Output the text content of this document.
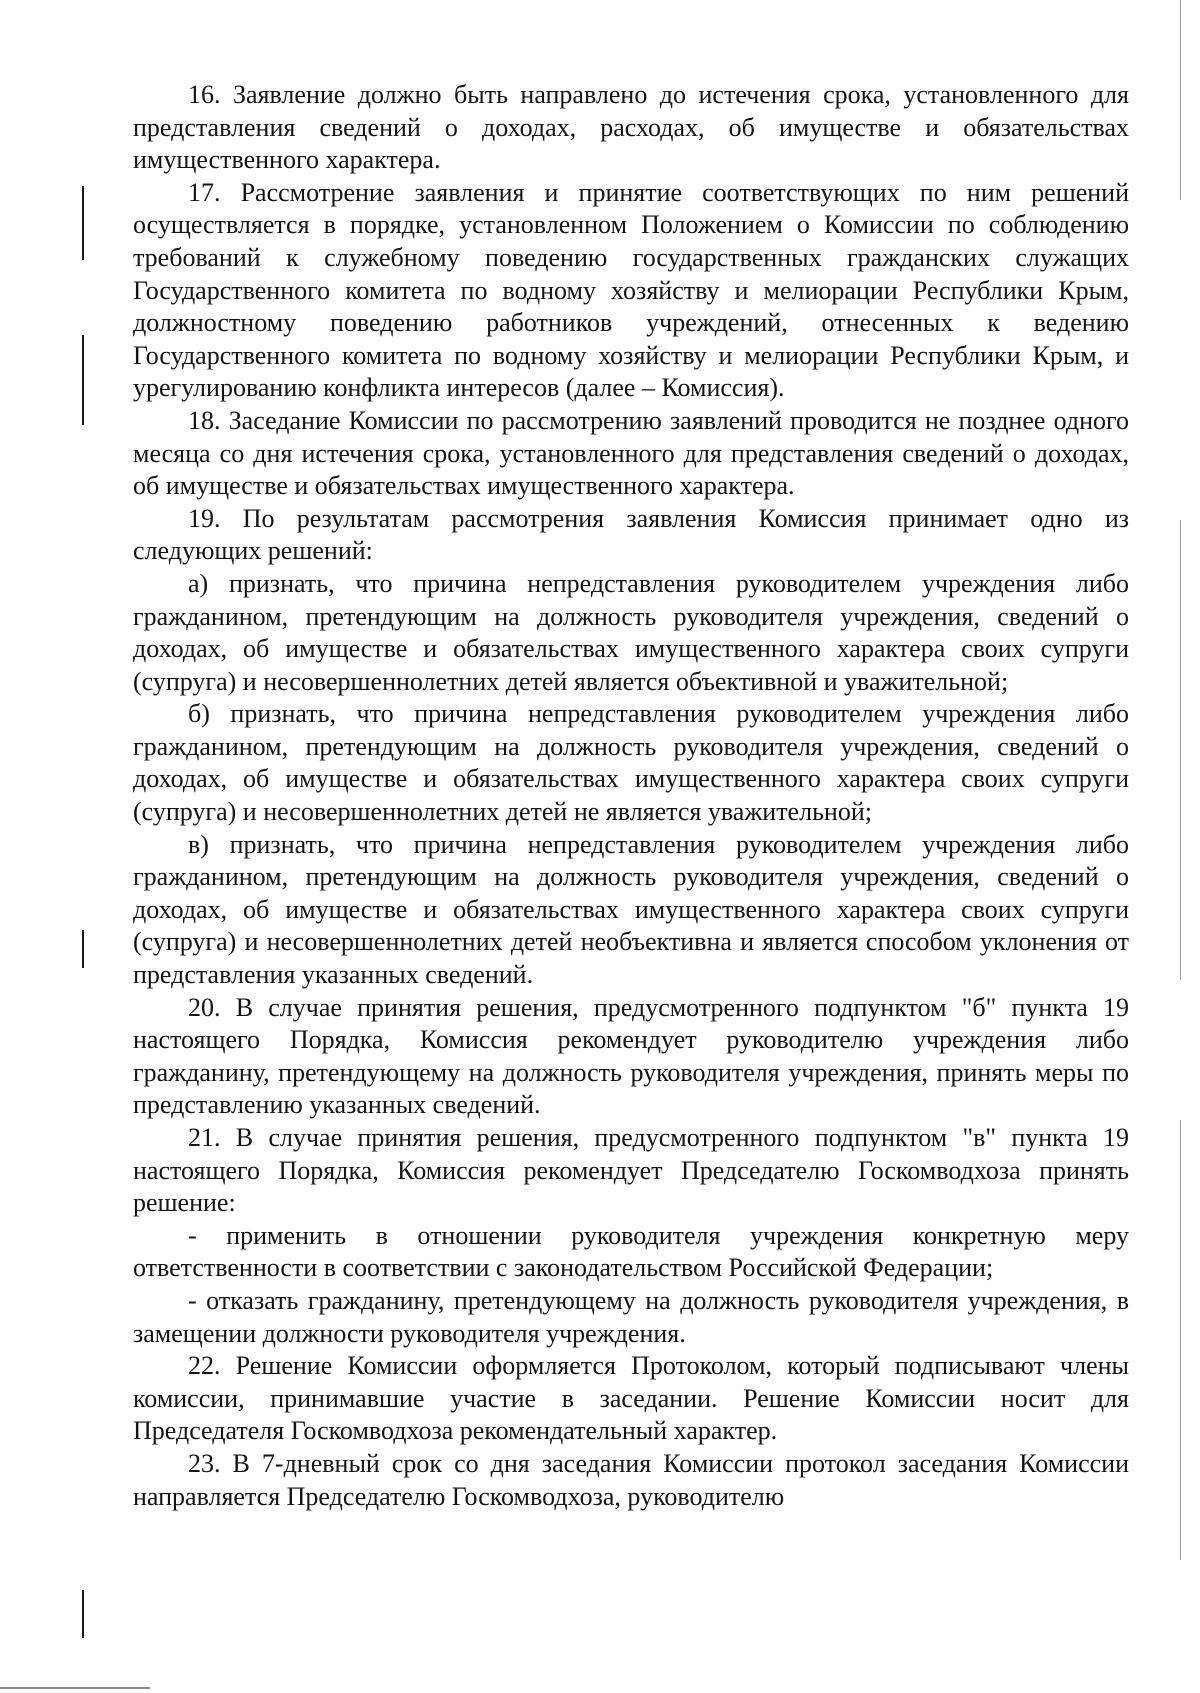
16. Заявление должно быть направлено до истечения срока, установленного для представления сведений о доходах, расходах, об имуществе и обязательствах имущественного характера.

17. Рассмотрение заявления и принятие соответствующих по ним решений осуществляется в порядке, установленном Положением о Комиссии по соблюдению требований к служебному поведению государственных гражданских служащих Государственного комитета по водному хозяйству и мелиорации Республики Крым, должностному поведению работников учреждений, отнесенных к ведению Государственного комитета по водному хозяйству и мелиорации Республики Крым, и урегулированию конфликта интересов (далее – Комиссия).

18. Заседание Комиссии по рассмотрению заявлений проводится не позднее одного месяца со дня истечения срока, установленного для представления сведений о доходах, об имуществе и обязательствах имущественного характера.

19. По результатам рассмотрения заявления Комиссия принимает одно из следующих решений:

а) признать, что причина непредставления руководителем учреждения либо гражданином, претендующим на должность руководителя учреждения, сведений о доходах, об имуществе и обязательствах имущественного характера своих супруги (супруга) и несовершеннолетних детей является объективной и уважительной;

б) признать, что причина непредставления руководителем учреждения либо гражданином, претендующим на должность руководителя учреждения, сведений о доходах, об имуществе и обязательствах имущественного характера своих супруги (супруга) и несовершеннолетних детей не является уважительной;

в) признать, что причина непредставления руководителем учреждения либо гражданином, претендующим на должность руководителя учреждения, сведений о доходах, об имуществе и обязательствах имущественного характера своих супруги (супруга) и несовершеннолетних детей необъективна и является способом уклонения от представления указанных сведений.

20. В случае принятия решения, предусмотренного подпунктом "б" пункта 19 настоящего Порядка, Комиссия рекомендует руководителю учреждения либо гражданину, претендующему на должность руководителя учреждения, принять меры по представлению указанных сведений.

21. В случае принятия решения, предусмотренного подпунктом "в" пункта 19 настоящего Порядка, Комиссия рекомендует Председателю Госкомводхоза принять решение:

- применить в отношении руководителя учреждения конкретную меру ответственности в соответствии с законодательством Российской Федерации;

- отказать гражданину, претендующему на должность руководителя учреждения, в замещении должности руководителя учреждения.

22. Решение Комиссии оформляется Протоколом, который подписывают члены комиссии, принимавшие участие в заседании. Решение Комиссии носит для Председателя Госкомводхоза рекомендательный характер.

23. В 7-дневный срок со дня заседания Комиссии протокол заседания Комиссии направляется Председателю Госкомводхоза, руководителю
